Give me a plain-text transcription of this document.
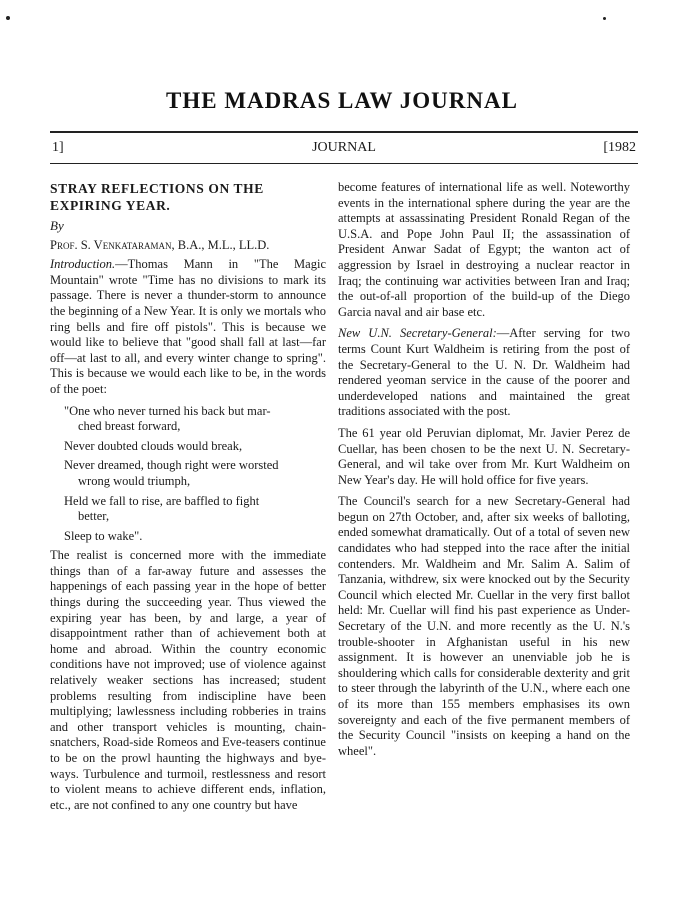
THE MADRAS LAW JOURNAL
1]	JOURNAL	[1982
STRAY REFLECTIONS ON THE EXPIRING YEAR.
By
Prof. S. Venkataraman, B.A., M.L., LL.D.

Introduction.—Thomas Mann in "The Magic Mountain" wrote "Time has no divisions to mark its passage. There is never a thunder-storm to announce the beginning of a New Year. It is only we mortals who ring bells and fire off pistols". This is because we would like to believe that "good shall fall at last—far off—at last to all, and every winter change to spring". This is because we would each like to be, in the words of the poet:

"One who never turned his back but mar-
ched breast forward,
Never doubted clouds would break,
Never dreamed, though right were worsted
wrong would triumph,
Held we fall to rise, are baffled to fight
better,
Sleep to wake".

The realist is concerned more with the immediate things than of a far-away future and assesses the happenings of each passing year in the hope of better things during the succeeding year. Thus viewed the expiring year has been, by and large, a year of disappointment rather than of achievement both at home and abroad. Within the country economic conditions have not improved; use of violence against relatively weaker sections has increased; student problems resulting from indiscipline have been multiplying; lawlessness including robberies in trains and other transport vehicles is mounting, chain-snatchers, Road-side Romeos and Eve-teasers continue to be on the prowl haunting the highways and bye-ways. Turbulence and turmoil, restlessness and resort to violent means to achieve different ends, inflation, etc., are not confined to any one country but have

become features of international life as well. Noteworthy events in the international sphere during the year are the attempts at assassinating President Ronald Regan of the U.S.A. and Pope John Paul II; the assassination of President Anwar Sadat of Egypt; the wanton act of aggression by Israel in destroying a nuclear reactor in Iraq; the continuing war activities between Iran and Iraq; the out-of-all proportion of the build-up of the Diego Garcia naval and air base etc.

New U.N. Secretary-General:—After serving for two terms Count Kurt Waldheim is retiring from the post of the Secretary-General to the U. N. Dr. Waldheim had rendered yeoman service in the cause of the poorer and underdeveloped nations and maintained the great traditions associated with the post.

The 61 year old Peruvian diplomat, Mr. Javier Perez de Cuellar, has been chosen to be the next U. N. Secretary-General, and wil take over from Mr. Kurt Waldheim on New Year's day. He will hold office for five years.

The Council's search for a new Secretary-General had begun on 27th October, and, after six weeks of balloting, ended somewhat dramatically. Out of a total of seven new candidates who had stepped into the race after the initial contenders. Mr. Waldheim and Mr. Salim A. Salim of Tanzania, withdrew, six were knocked out by the Security Council which elected Mr. Cuellar in the very first ballot held: Mr. Cuellar will find his past experience as Under-Secretary of the U.N. and more recently as the U. N.'s trouble-shooter in Afghanistan useful in his new assignment. It is however an unenviable job he is shouldering which calls for considerable dexterity and grit to steer through the labyrinth of the U.N., where each one of its more than 155 members emphasises its own sovereignty and each of the five permanent members of the Security Council "insists on keeping a hand on the wheel".
